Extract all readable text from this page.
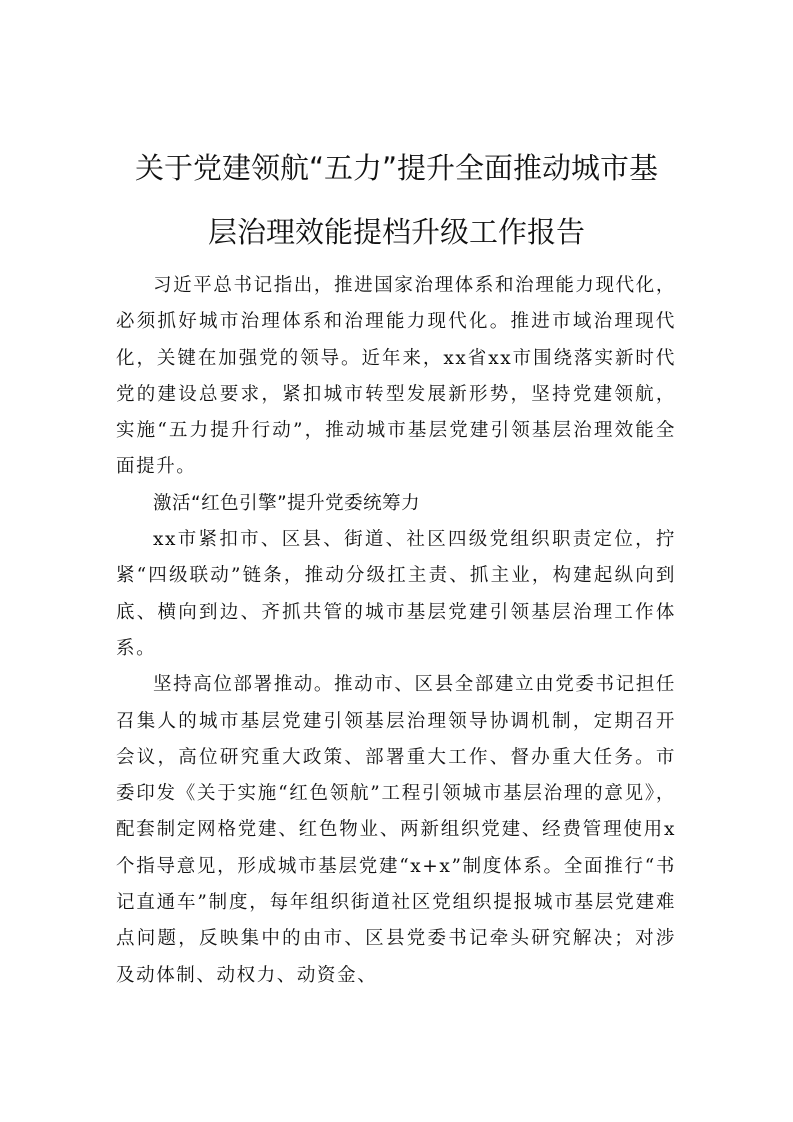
关于党建领航“五力”提升全面推动城市基
层治理效能提档升级工作报告

习近平总书记指出，推进国家治理体系和治理能力现代化，必须抓好城市治理体系和治理能力现代化。推进市域治理现代化，关键在加强党的领导。近年来，xx省xx市围绕落实新时代党的建设总要求，紧扣城市转型发展新形势，坚持党建领航，实施“五力提升行动”，推动城市基层党建引领基层治理效能全面提升。

激活“红色引擎”提升党委统筹力

xx市紧扣市、区县、街道、社区四级党组织职责定位，拧紧“四级联动”链条，推动分级扛主责、抓主业，构建起纵向到底、横向到边、齐抓共管的城市基层党建引领基层治理工作体系。

坚持高位部署推动。推动市、区县全部建立由党委书记担任召集人的城市基层党建引领基层治理领导协调机制，定期召开会议，高位研究重大政策、部署重大工作、督办重大任务。市委印发《关于实施“红色领航”工程引领城市基层治理的意见》，配套制定网格党建、红色物业、两新组织党建、经费管理使用x个指导意见，形成城市基层党建“x+x”制度体系。全面推行“书记直通车”制度，每年组织街道社区党组织提报城市基层党建难点问题，反映集中的由市、区县党委书记牵头研究解决；对涉及动体制、动权力、动资金、
